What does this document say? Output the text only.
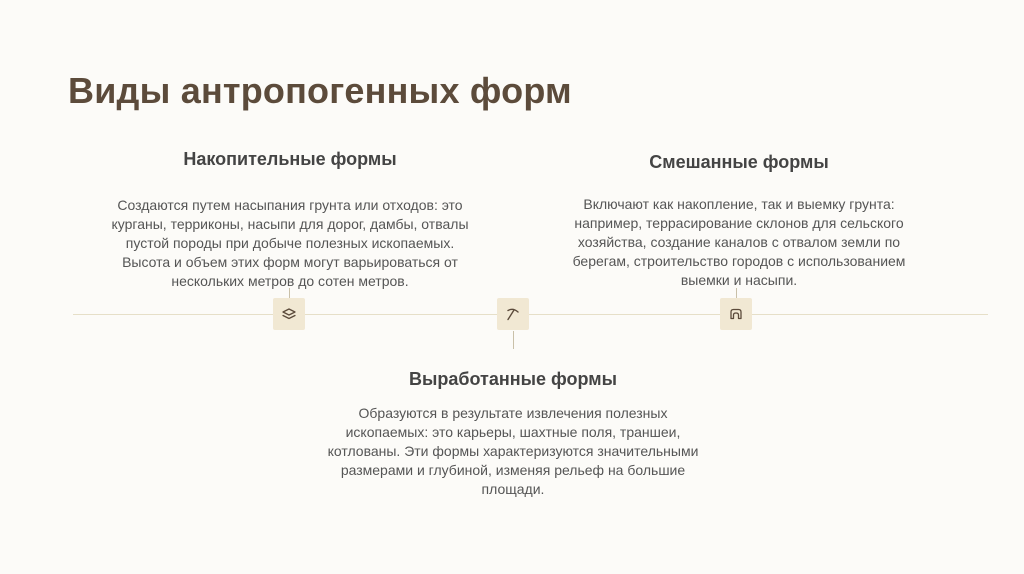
Виды антропогенных форм
Накопительные формы
Создаются путем насыпания грунта или отходов: это
курганы, терриконы, насыпи для дорог, дамбы, отвалы
пустой породы при добыче полезных ископаемых.
Высота и объем этих форм могут варьироваться от
нескольких метров до сотен метров.
Смешанные формы
Включают как накопление, так и выемку грунта:
например, террасирование склонов для сельского
хозяйства, создание каналов с отвалом земли по
берегам, строительство городов с использованием
выемки и насыпи.
Выработанные формы
Образуются в результате извлечения полезных
ископаемых: это карьеры, шахтные поля, траншеи,
котлованы. Эти формы характеризуются значительными
размерами и глубиной, изменяя рельеф на большие
площади.
